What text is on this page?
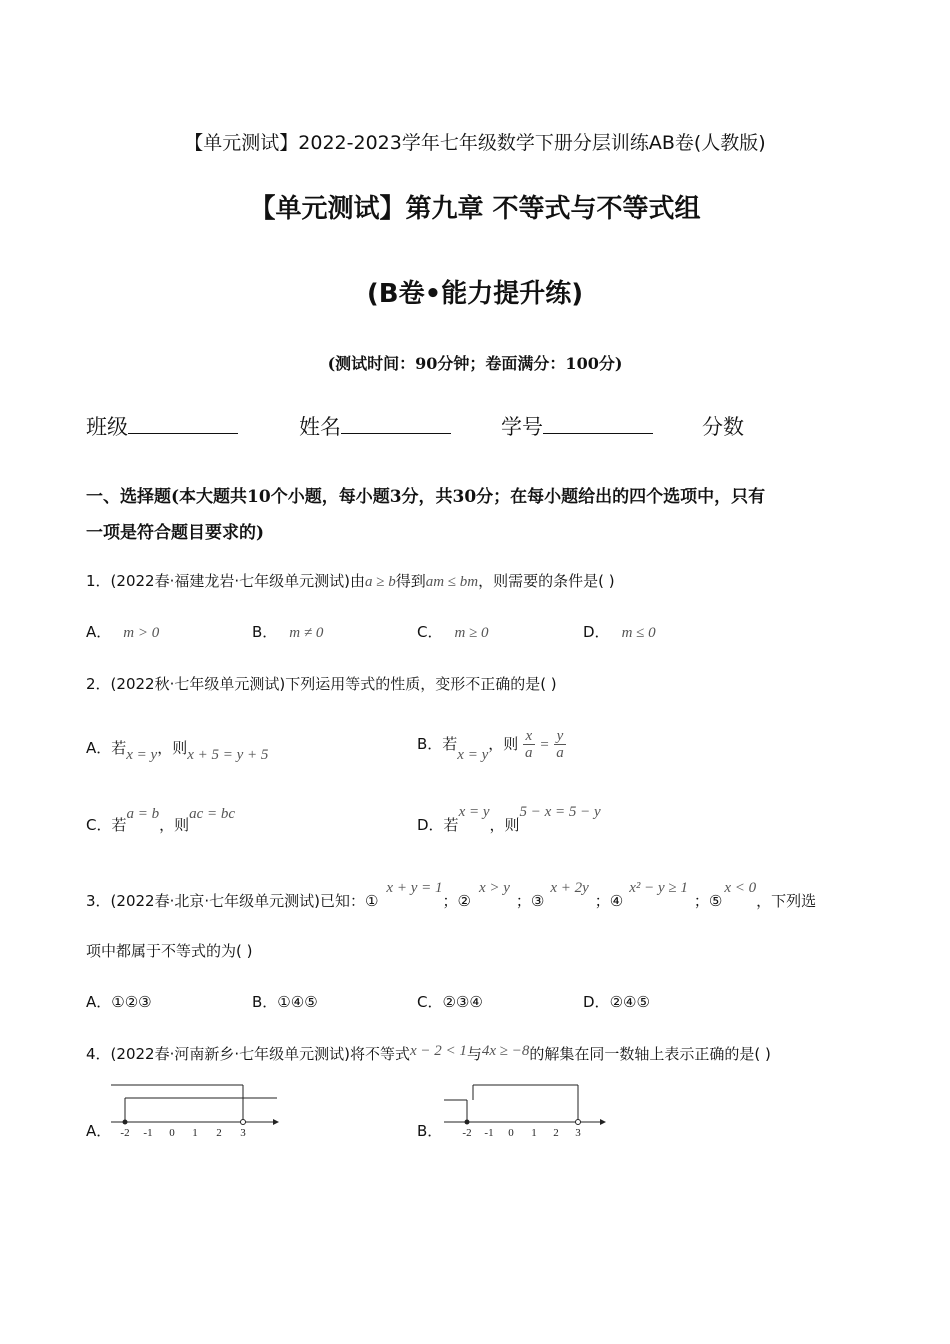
【单元测试】2022-2023学年七年级数学下册分层训练AB卷(人教版)
【单元测试】第九章 不等式与不等式组
(B卷•能力提升练)
(测试时间：90分钟；卷面满分：100分)
班级	姓名	学号	分数
一、选择题(本大题共10个小题，每小题3分，共30分；在每小题给出的四个选项中，只有
一项是符合题目要求的)
1．(2022春·福建龙岩·七年级单元测试)由a ≥ b得到am ≤ bm，则需要的条件是( )
A． m > 0	B． m ≠ 0	C． m ≥ 0	D． m ≤ 0
2．(2022秋·七年级单元测试)下列运用等式的性质，变形不正确的是( )
A．若x = y，则x + 5 = y + 5
B．若x = y，则 $\frac{x}{a} = \frac{y}{a}$
C．若a = b，则ac = bc
D．若x = y，则5 − x = 5 − y
3．(2022春·北京·七年级单元测试)已知：①x + y = 1；②x > y；③x + 2y；④x² − y ≥ 1；⑤x < 0，下列选
项中都属于不等式的为( )
A．①②③	B．①④⑤	C．②③④	D．②④⑤
4．(2022春·河南新乡·七年级单元测试)将不等式x − 2 < 1与4x ≥ −8的解集在同一数轴上表示正确的是( )
A． -2 -1 0 1 2 3	B． -2 -1 0 1 2 3
